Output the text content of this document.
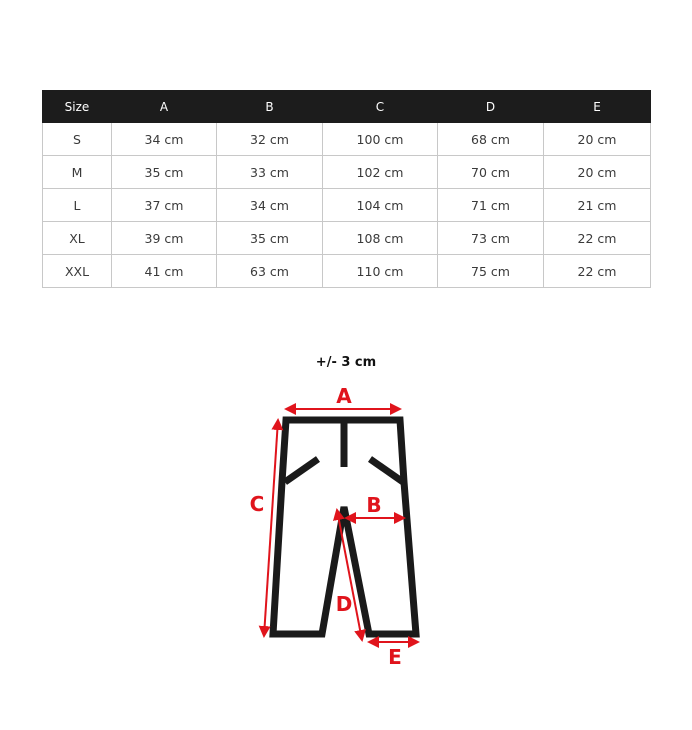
Size	A	B	C	D	E
S	34 cm	32 cm	100 cm	68 cm	20 cm
M	35 cm	33 cm	102 cm	70 cm	20 cm
L	37 cm	34 cm	104 cm	71 cm	21 cm
XL	39 cm	35 cm	108 cm	73 cm	22 cm
XXL	41 cm	63 cm	110 cm	75 cm	22 cm
+/- 3 cm
A
B
C
D
E
